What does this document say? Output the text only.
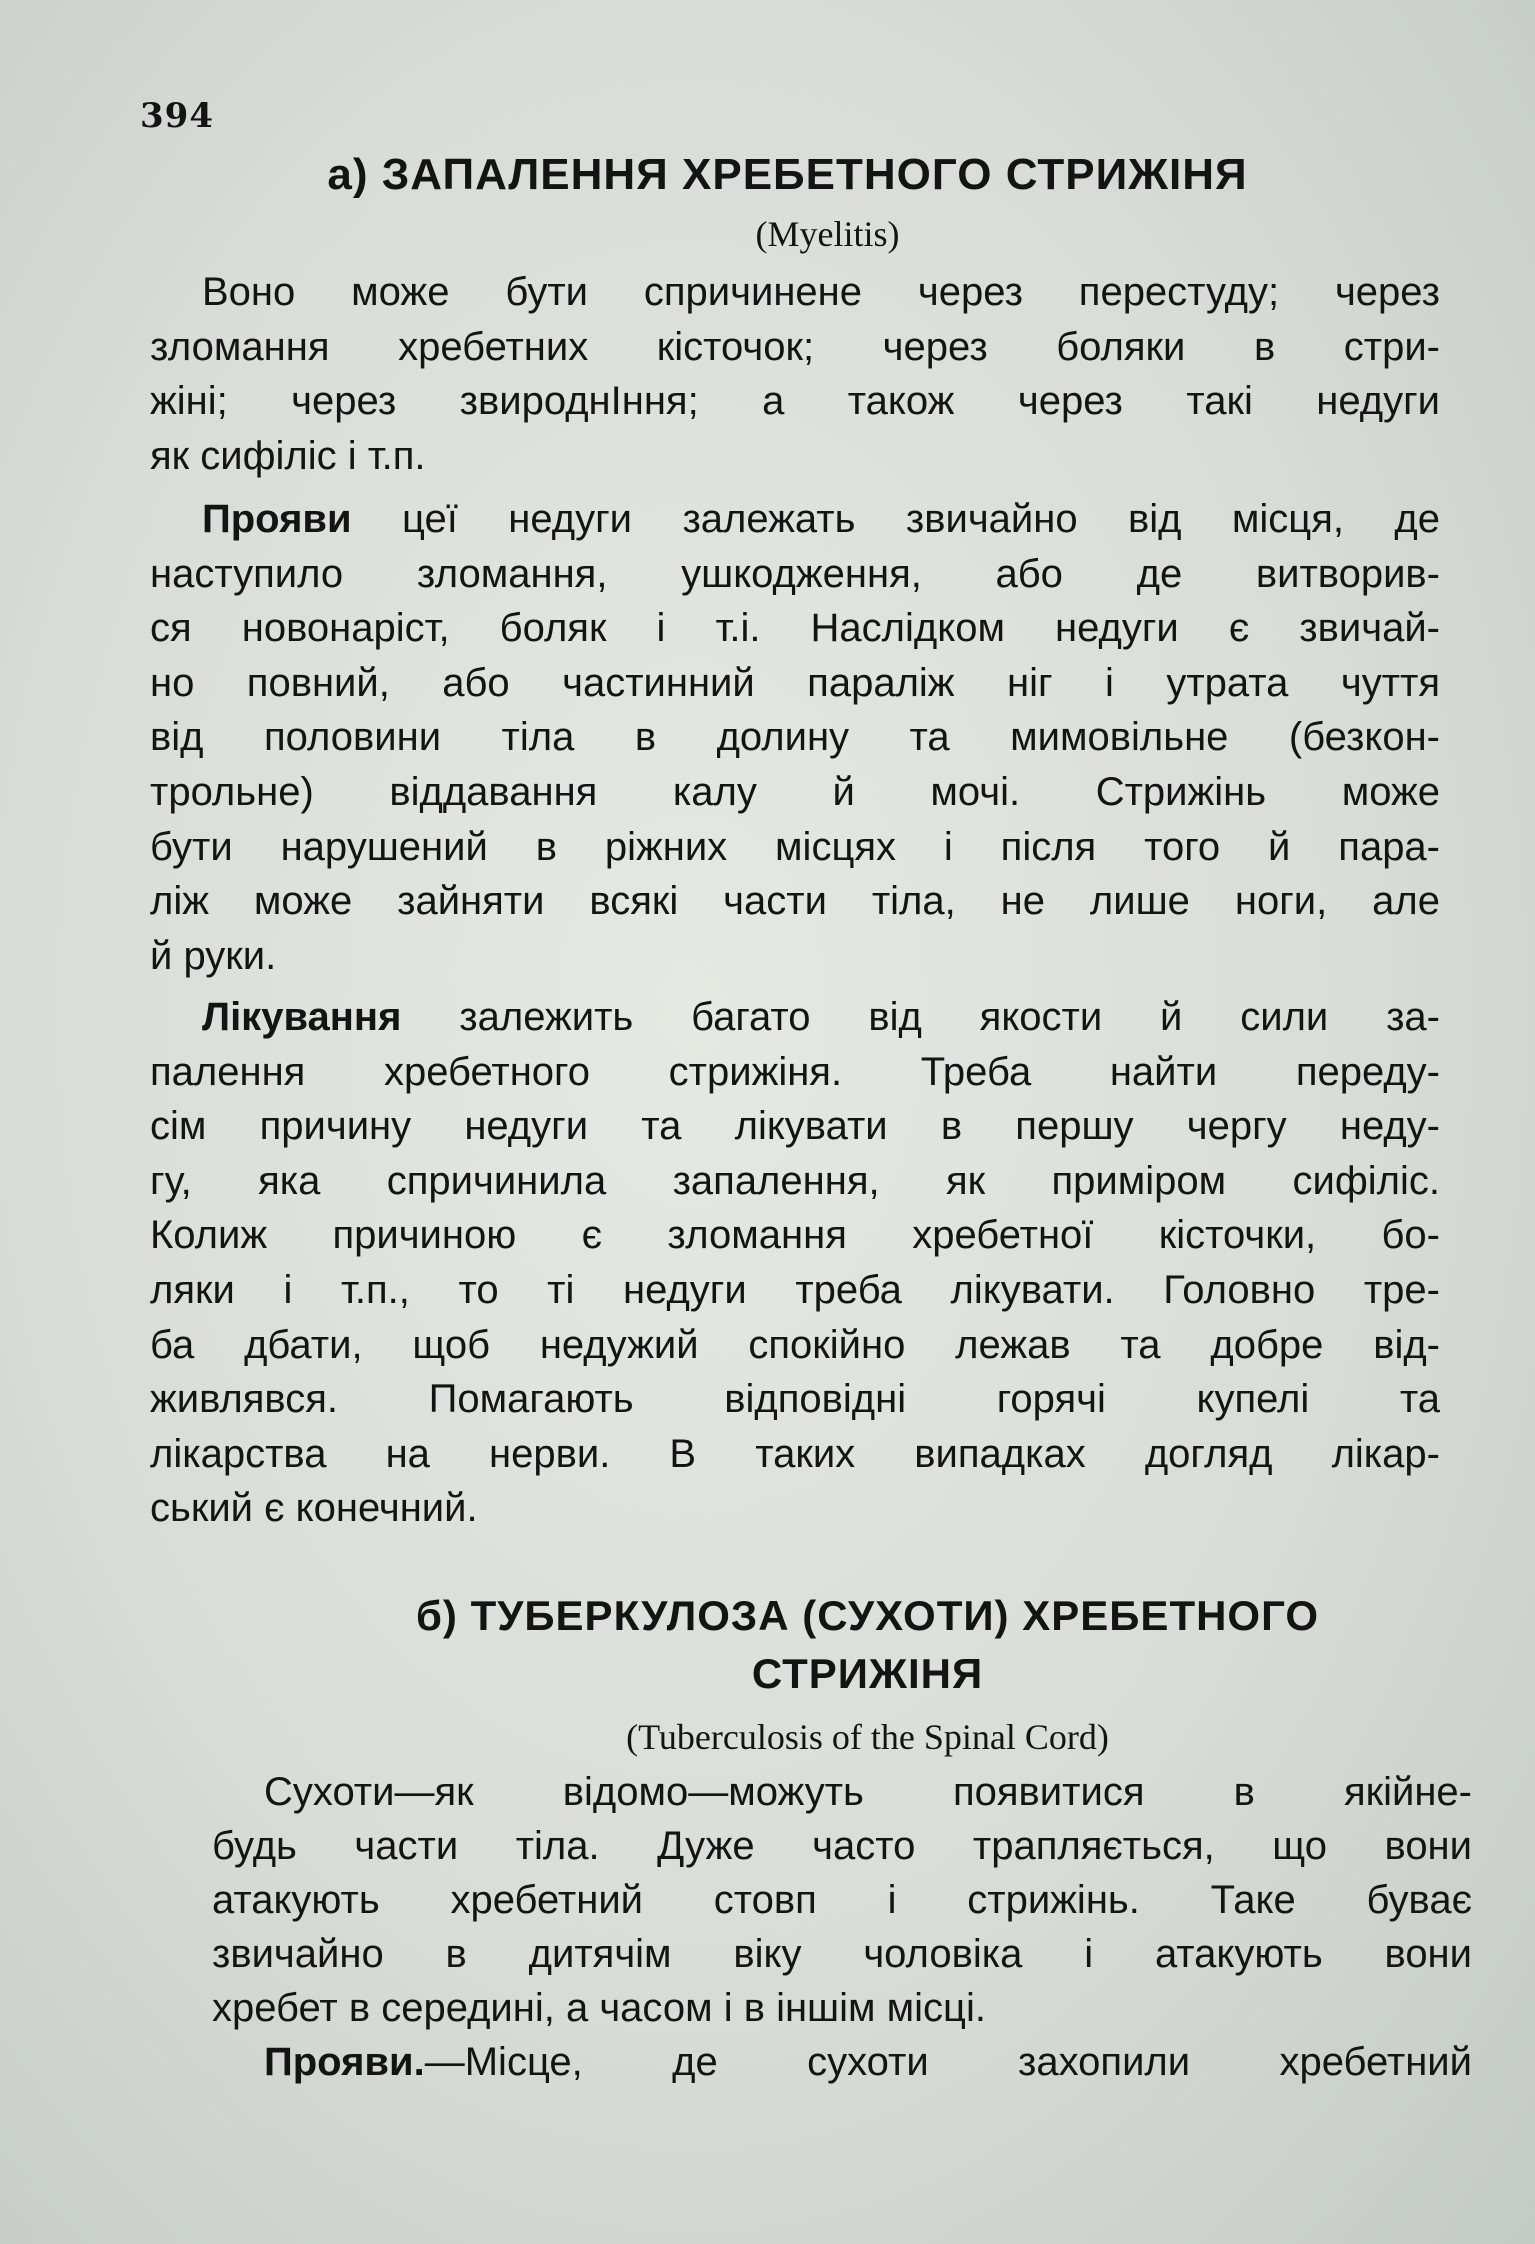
394
а) ЗАПАЛЕННЯ ХРЕБЕТНОГО СТРИЖІНЯ
(Myelitis)
Воно може бути спричинене через перестуду; через
зломання хребетних кісточок; через боляки в стри-
жіні; через звироднІння; а також через такі недуги
як сифіліс і т.п.
Прояви цеї недуги залежать звичайно від місця, де
наступило зломання, ушкодження, або де витворив-
ся новонаріст, боляк і т.і. Наслідком недуги є звичай-
но повний, або частинний параліж ніг і утрата чуття
від половини тіла в долину та мимовільне (безкон-
трольне) віддавання калу й мочі. Стрижінь може
бути нарушений в ріжних місцях і після того й пара-
ліж може зайняти всякі части тіла, не лише ноги, але
й руки.
Лікування залежить багато від якости й сили за-
палення хребетного стрижіня. Треба найти переду-
сім причину недуги та лікувати в першу чергу неду-
гу, яка спричинила запалення, як приміром сифіліс.
Колиж причиною є зломання хребетної кісточки, бо-
ляки і т.п., то ті недуги треба лікувати. Головно тре-
ба дбати, щоб недужий спокійно лежав та добре від-
живлявся. Помагають відповідні горячі купелі та
лікарства на нерви. В таких випадках догляд лікар-
ський є конечний.
б) ТУБЕРКУЛОЗА (СУХОТИ) ХРЕБЕТНОГО
СТРИЖІНЯ
(Tuberculosis of the Spinal Cord)
Сухоти—як відомо—можуть появитися в якійне-
будь части тіла. Дуже часто трапляється, що вони
атакують хребетний стовп і стрижінь. Таке буває
звичайно в дитячім віку чоловіка і атакують вони
хребет в середині, а часом і в іншім місці.
Прояви.—Місце, де сухоти захопили хребетний
